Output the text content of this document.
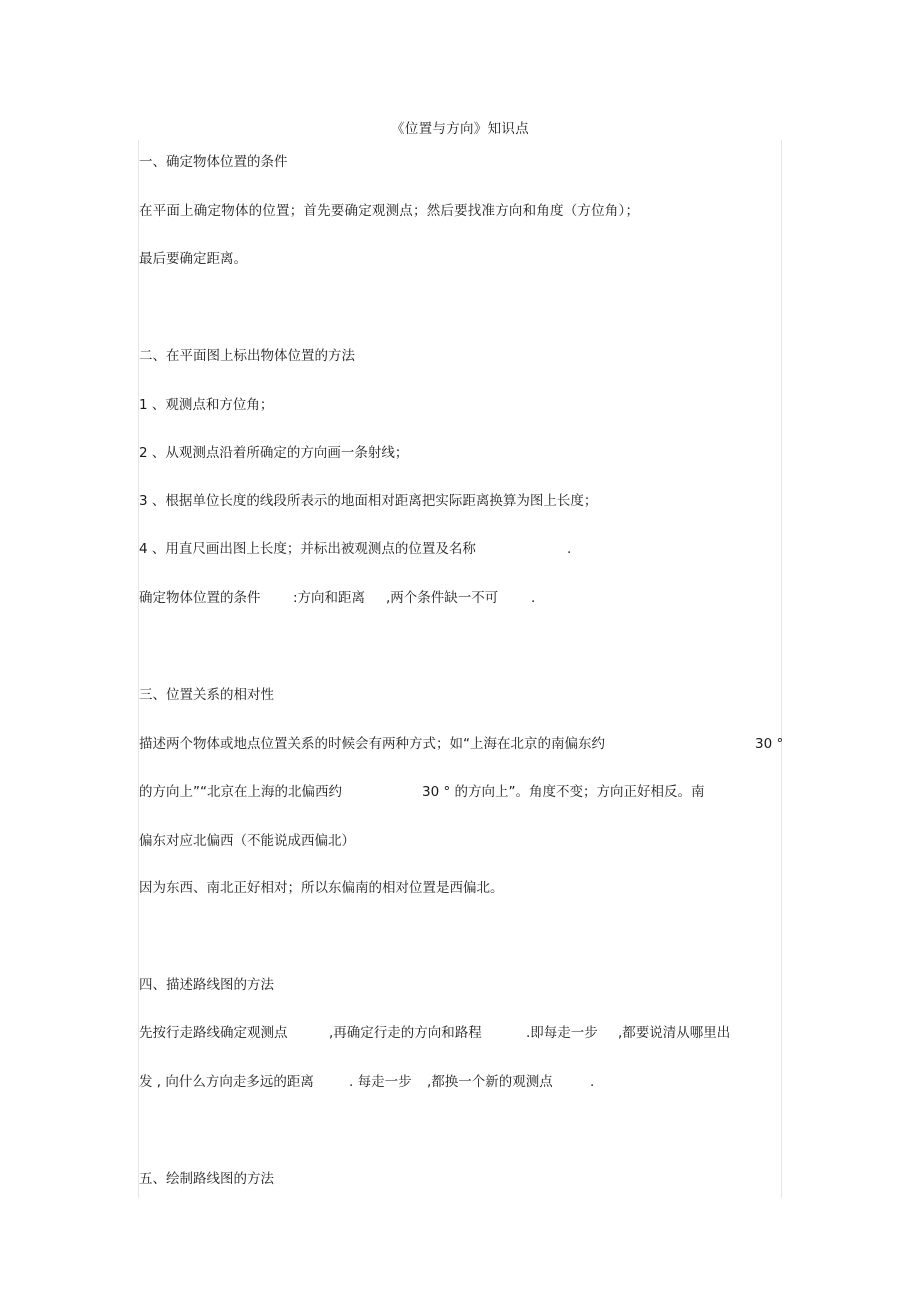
《位置与方向》知识点
一、确定物体位置的条件
在平面上确定物体的位置；首先要确定观测点；然后要找准方向和角度（方位角）；
最后要确定距离。
二、在平面图上标出物体位置的方法
1 、观测点和方位角；
2 、从观测点沿着所确定的方向画一条射线；
3 、根据单位长度的线段所表示的地面相对距离把实际距离换算为图上长度；
4 、用直尺画出图上长度；并标出被观测点的位置及名称	.
确定物体位置的条件 :方向和距离 ,两个条件缺一不可 .
三、位置关系的相对性
描述两个物体或地点位置关系的时候会有两种方式；如“上海在北京的南偏东约	30 °
的方向上”“北京在上海的北偏西约	30 ° 的方向上”。角度不变；方向正好相反。南
偏东对应北偏西（不能说成西偏北）
因为东西、南北正好相对；所以东偏南的相对位置是西偏北。
四、描述路线图的方法
先按行走路线确定观测点	,再确定行走的方向和路程	.即每走一步 ,都要说清从哪里出
发 , 向什么方向走多远的距离	. 每走一步 ,都换一个新的观测点	.
五、绘制路线图的方法
